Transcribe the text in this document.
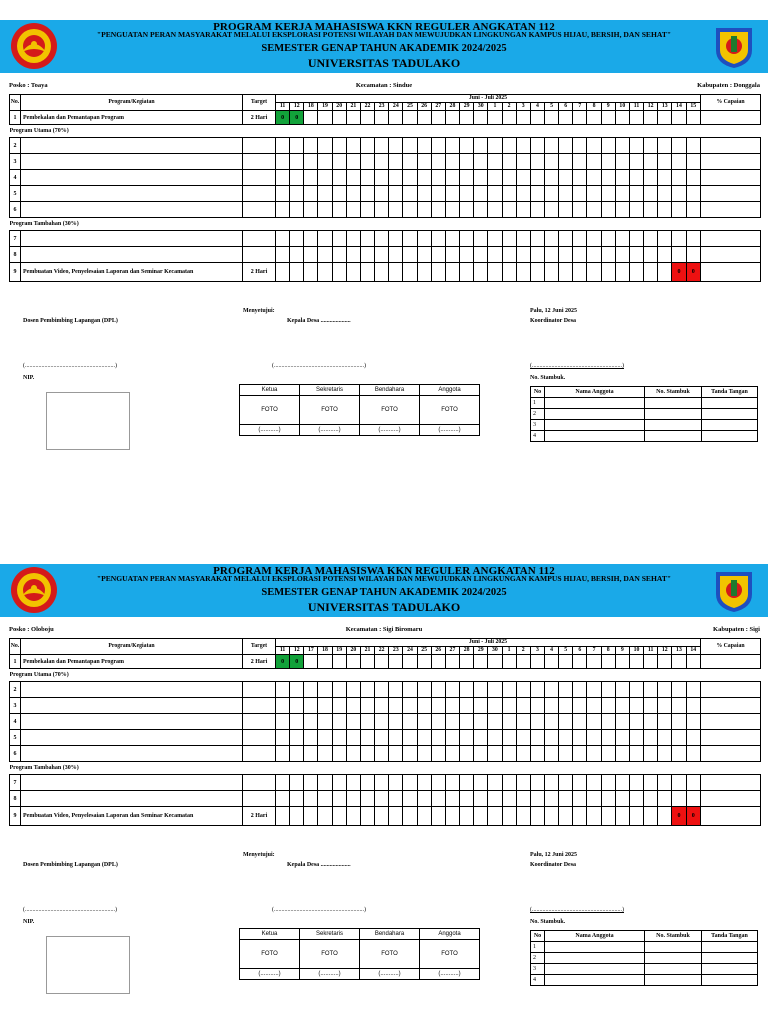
PROGRAM KERJA MAHASISWA KKN REGULER ANGKATAN 112
"PENGUATAN PERAN MASYARAKAT MELALUI EKSPLORASI POTENSI WILAYAH DAN MEWUJUDKAN LINGKUNGAN KAMPUS HIJAU, BERSIH, DAN SEHAT"
SEMESTER GENAP TAHUN AKADEMIK 2024/2025
UNIVERSITAS TADULAKO
Posko : Toaya	Kecamatan : Sindue	Kabupaten : Donggala
No.	Program/Kegiatan	Target	Juni - Juli 2025																														% Capaian
			11	12	18	19	20	21	22	23	24	25	26	27	28	29	30	1	2	3	4	5	6	7	8	9	10	11	12	13	14	15	
1	Pembekalan dan Pemantapan Program	2 Hari	0	0																													
Program Utama (70%)																																	
2																																	
3																																	
4																																	
5																																	
6																																	
Program Tambahan (30%)																																	
7																																	
8																																	
9	Pembuatan Video, Penyelesaian Laporan dan Seminar Kecamatan	2 Hari																													0	0	
Menyetujui:
Dosen Pembimbing Lapangan (DPL)	Kepala Desa ....................
Palu, 12 Juni 2025
Koordinator Desa
(............................................................)	(............................................................)	(............................................................)
NIP.	No. Stambuk.
Ketua	Sekretaris	Bendahara	Anggota
FOTO	FOTO	FOTO	FOTO
(...........)	(...........)	(...........)	(...........)
No	Nama Anggota	No. Stambuk	Tanda Tangan
1			
2			
3			
4			
PROGRAM KERJA MAHASISWA KKN REGULER ANGKATAN 112
"PENGUATAN PERAN MASYARAKAT MELALUI EKSPLORASI POTENSI WILAYAH DAN MEWUJUDKAN LINGKUNGAN KAMPUS HIJAU, BERSIH, DAN SEHAT"
SEMESTER GENAP TAHUN AKADEMIK 2024/2025
UNIVERSITAS TADULAKO
Posko : Oloboju	Kecamatan : Sigi Biromaru	Kabupaten : Sigi
No.	Program/Kegiatan	Target	Juni - Juli 2025																														% Capaian
			11	12	17	18	19	20	21	22	23	24	25	26	27	28	29	30	1	2	3	4	5	6	7	8	9	10	11	12	13	14	
1	Pembekalan dan Pemantapan Program	2 Hari	0	0																													
Program Utama (70%)																																	
2																																	
3																																	
4																																	
5																																	
6																																	
Program Tambahan (30%)																																	
7																																	
8																																	
9	Pembuatan Video, Penyelesaian Laporan dan Seminar Kecamatan	2 Hari																													0	0	
Menyetujui:
Dosen Pembimbing Lapangan (DPL)	Kepala Desa ....................
Palu, 12 Juni 2025
Koordinator Desa
(............................................................)	(............................................................)	(............................................................)
NIP.	No. Stambuk.
Ketua	Sekretaris	Bendahara	Anggota
FOTO	FOTO	FOTO	FOTO
(...........)	(...........)	(...........)	(...........)
No	Nama Anggota	No. Stambuk	Tanda Tangan
1			
2			
3			
4			
